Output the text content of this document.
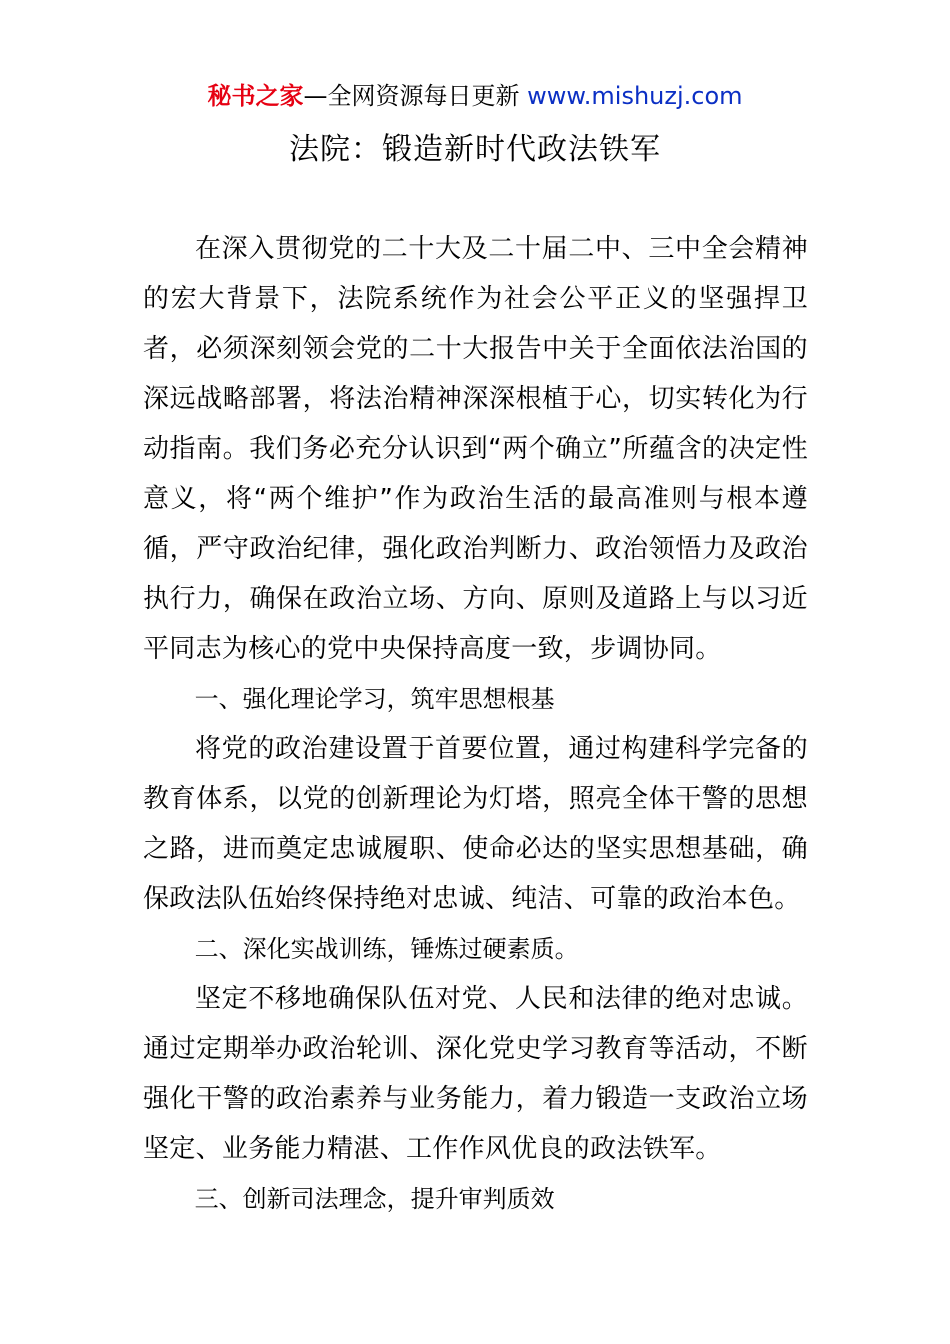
秘书之家—全网资源每日更新 www.mishuzj.com
法院：锻造新时代政法铁军

在深入贯彻党的二十大及二十届二中、三中全会精神的宏大背景下，法院系统作为社会公平正义的坚强捍卫者，必须深刻领会党的二十大报告中关于全面依法治国的深远战略部署，将法治精神深深根植于心，切实转化为行动指南。我们务必充分认识到“两个确立”所蕴含的决定性意义，将“两个维护”作为政治生活的最高准则与根本遵循，严守政治纪律，强化政治判断力、政治领悟力及政治执行力，确保在政治立场、方向、原则及道路上与以习近平同志为核心的党中央保持高度一致，步调协同。

一、强化理论学习，筑牢思想根基

将党的政治建设置于首要位置，通过构建科学完备的教育体系，以党的创新理论为灯塔，照亮全体干警的思想之路，进而奠定忠诚履职、使命必达的坚实思想基础，确保政法队伍始终保持绝对忠诚、纯洁、可靠的政治本色。

二、深化实战训练，锤炼过硬素质。

坚定不移地确保队伍对党、人民和法律的绝对忠诚。通过定期举办政治轮训、深化党史学习教育等活动，不断强化干警的政治素养与业务能力，着力锻造一支政治立场坚定、业务能力精湛、工作作风优良的政法铁军。

三、创新司法理念，提升审判质效
